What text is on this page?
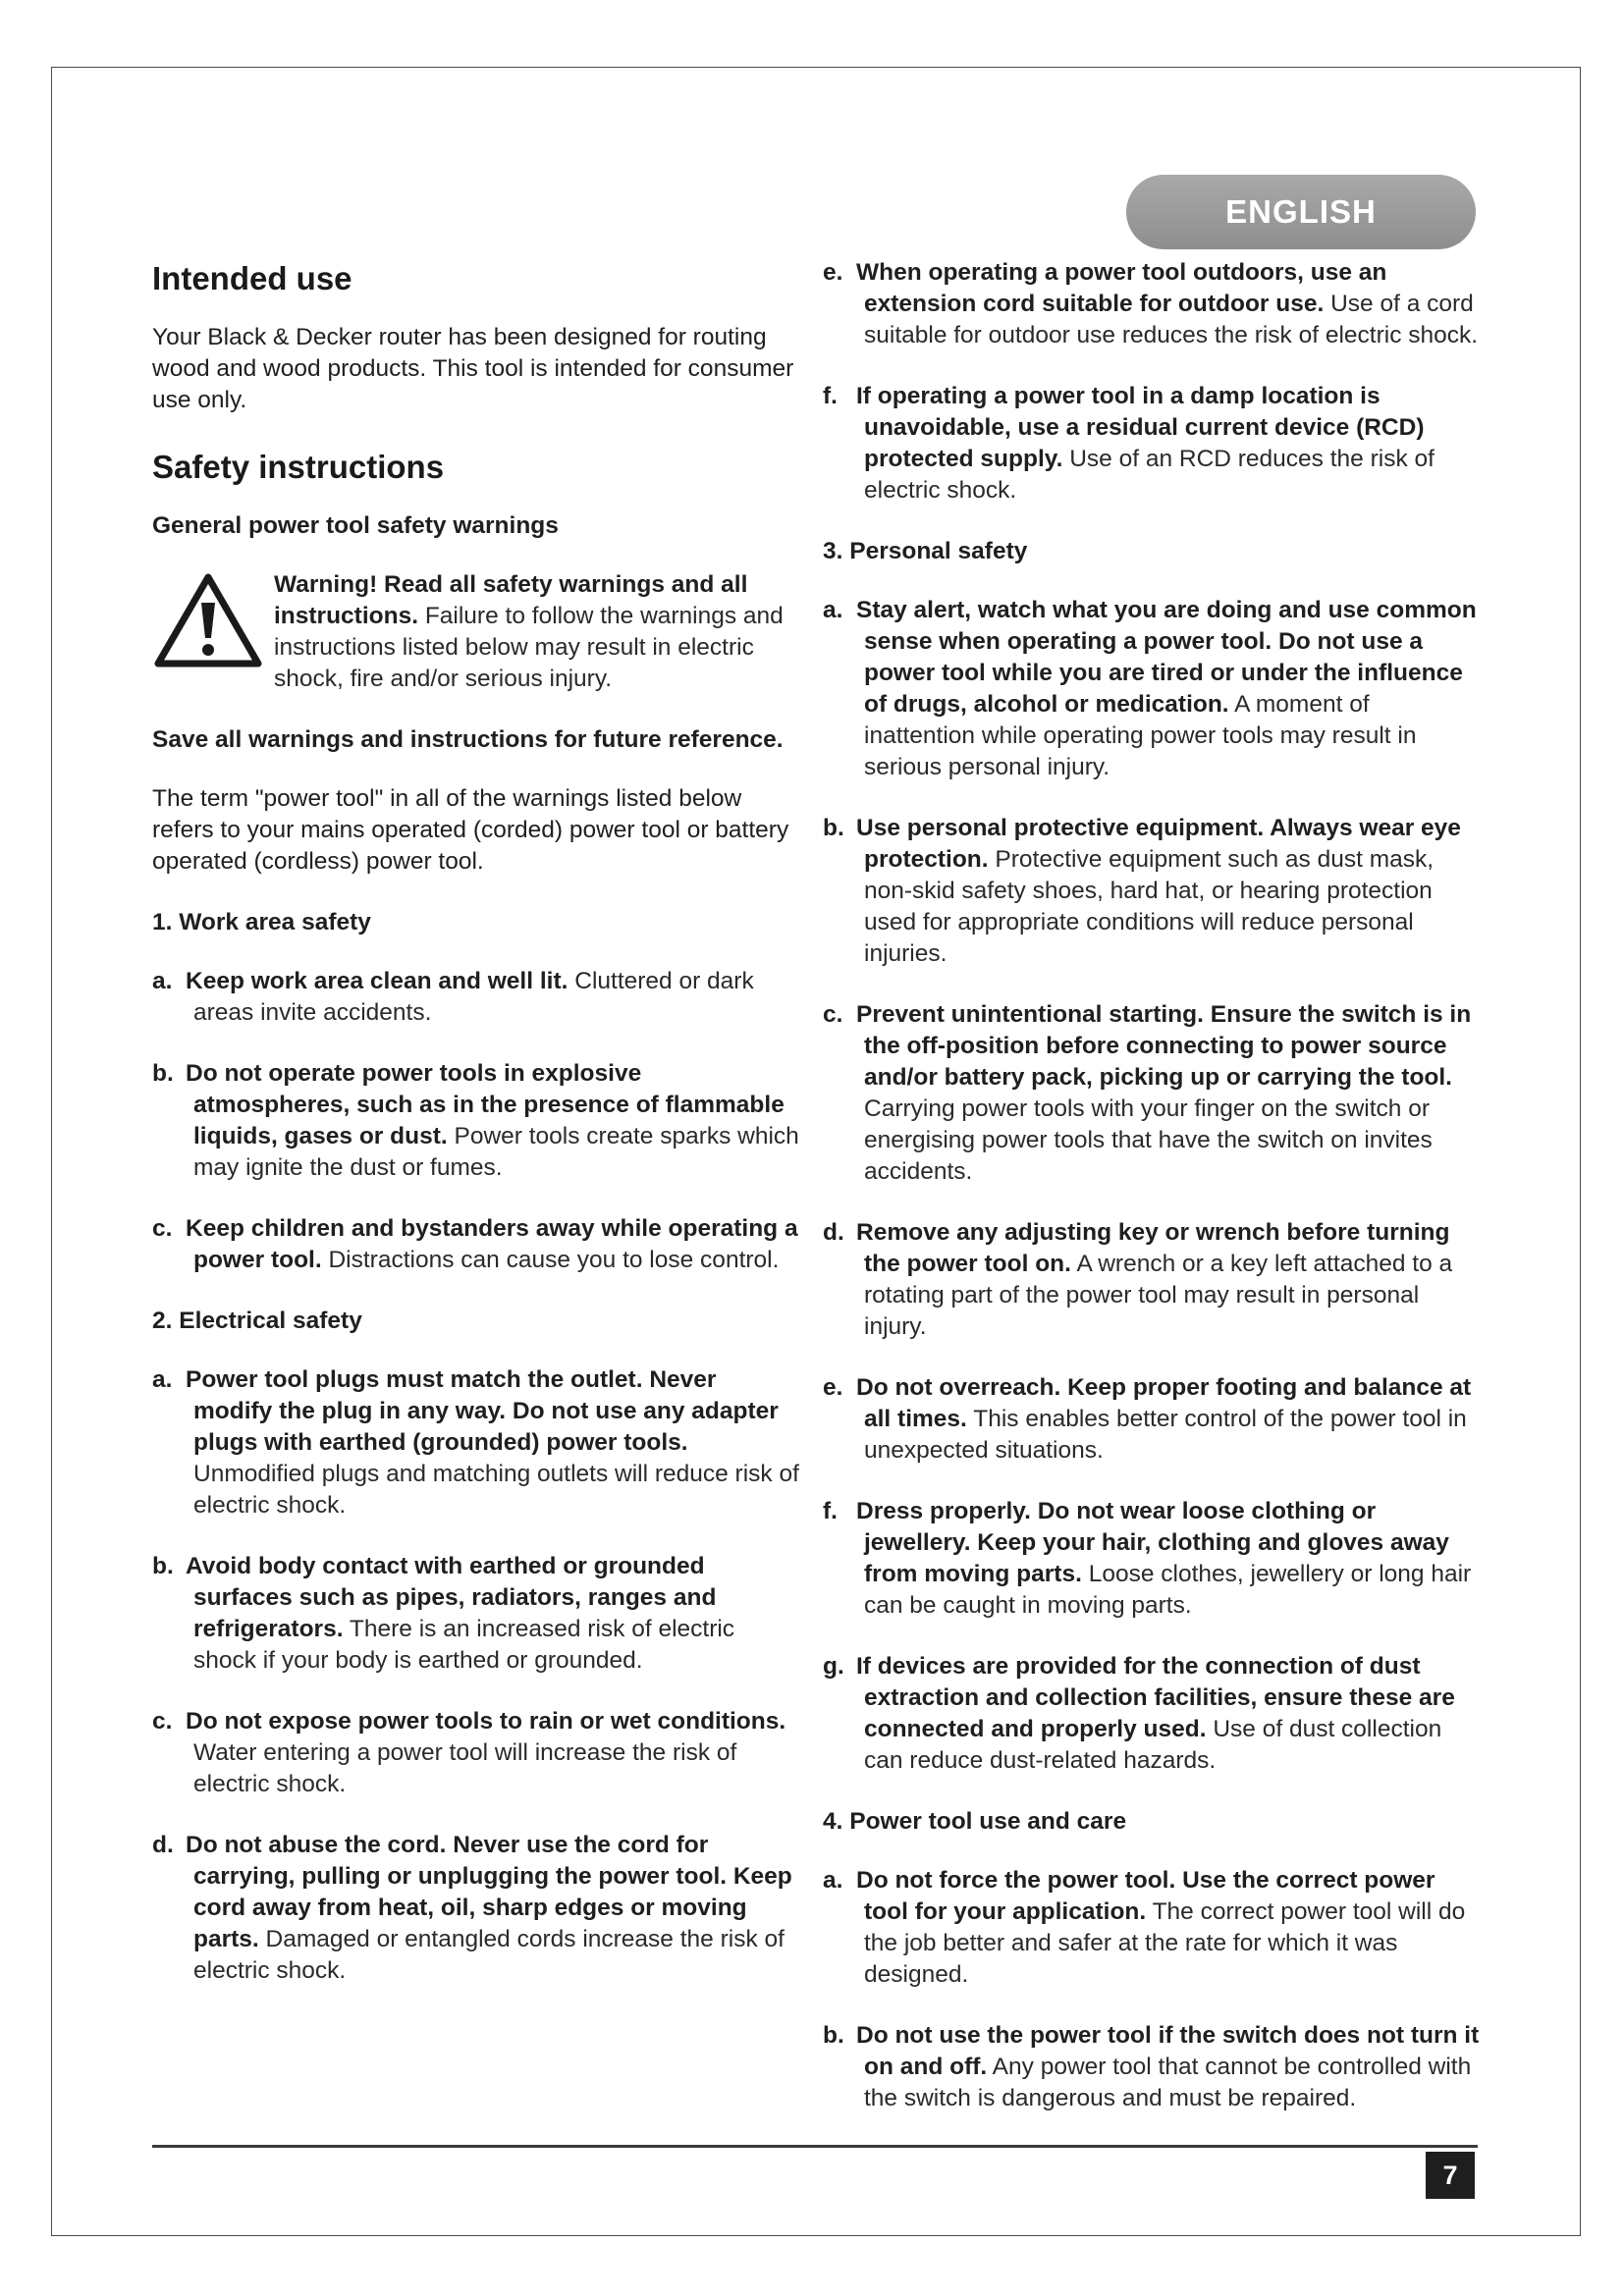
ENGLISH
Intended use

Your Black & Decker router has been designed for routing wood and wood products. This tool is intended for consumer use only.

Safety instructions
General power tool safety warnings
Warning! Read all safety warnings and all instructions. Failure to follow the warnings and instructions listed below may result in electric shock, fire and/or serious injury.
Save all warnings and instructions for future reference.

The term "power tool" in all of the warnings listed below refers to your mains operated (corded) power tool or battery operated (cordless) power tool.

1. Work area safety
a. Keep work area clean and well lit. Cluttered or dark areas invite accidents.
b. Do not operate power tools in explosive atmospheres, such as in the presence of flammable liquids, gases or dust. Power tools create sparks which may ignite the dust or fumes.
c. Keep children and bystanders away while operating a power tool. Distractions can cause you to lose control.
2. Electrical safety
a. Power tool plugs must match the outlet. Never modify the plug in any way. Do not use any adapter plugs with earthed (grounded) power tools. Unmodified plugs and matching outlets will reduce risk of electric shock.
b. Avoid body contact with earthed or grounded surfaces such as pipes, radiators, ranges and refrigerators. There is an increased risk of electric shock if your body is earthed or grounded.
c. Do not expose power tools to rain or wet conditions. Water entering a power tool will increase the risk of electric shock.
d. Do not abuse the cord. Never use the cord for carrying, pulling or unplugging the power tool. Keep cord away from heat, oil, sharp edges or moving parts. Damaged or entangled cords increase the risk of electric shock.
e. When operating a power tool outdoors, use an extension cord suitable for outdoor use. Use of a cord suitable for outdoor use reduces the risk of electric shock.
f. If operating a power tool in a damp location is unavoidable, use a residual current device (RCD) protected supply. Use of an RCD reduces the risk of electric shock.
3. Personal safety
a. Stay alert, watch what you are doing and use common sense when operating a power tool. Do not use a power tool while you are tired or under the influence of drugs, alcohol or medication. A moment of inattention while operating power tools may result in serious personal injury.
b. Use personal protective equipment. Always wear eye protection. Protective equipment such as dust mask, non-skid safety shoes, hard hat, or hearing protection used for appropriate conditions will reduce personal injuries.
c. Prevent unintentional starting. Ensure the switch is in the off-position before connecting to power source and/or battery pack, picking up or carrying the tool. Carrying power tools with your finger on the switch or energising power tools that have the switch on invites accidents.
d. Remove any adjusting key or wrench before turning the power tool on. A wrench or a key left attached to a rotating part of the power tool may result in personal injury.
e. Do not overreach. Keep proper footing and balance at all times. This enables better control of the power tool in unexpected situations.
f. Dress properly. Do not wear loose clothing or jewellery. Keep your hair, clothing and gloves away from moving parts. Loose clothes, jewellery or long hair can be caught in moving parts.
g. If devices are provided for the connection of dust extraction and collection facilities, ensure these are connected and properly used. Use of dust collection can reduce dust-related hazards.
4. Power tool use and care
a. Do not force the power tool. Use the correct power tool for your application. The correct power tool will do the job better and safer at the rate for which it was designed.
b. Do not use the power tool if the switch does not turn it on and off. Any power tool that cannot be controlled with the switch is dangerous and must be repaired.
7
